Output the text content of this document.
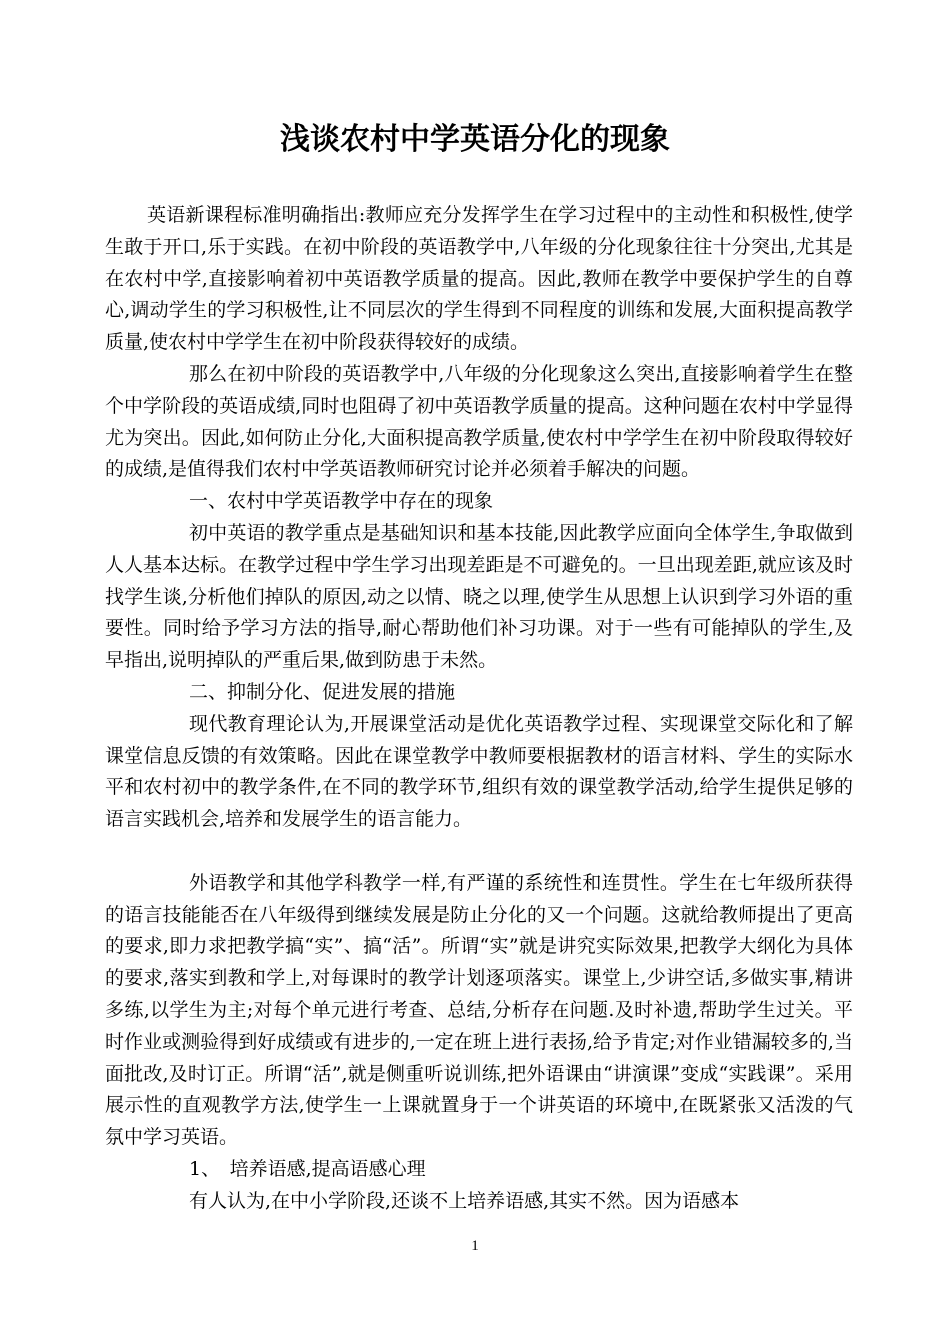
浅谈农村中学英语分化的现象

英语新课程标准明确指出:教师应充分发挥学生在学习过程中的主动性和积极性,使学生敢于开口,乐于实践。在初中阶段的英语教学中,八年级的分化现象往往十分突出,尤其是在农村中学,直接影响着初中英语教学质量的提高。因此,教师在教学中要保护学生的自尊心,调动学生的学习积极性,让不同层次的学生得到不同程度的训练和发展,大面积提高教学质量,使农村中学学生在初中阶段获得较好的成绩。

那么在初中阶段的英语教学中,八年级的分化现象这么突出,直接影响着学生在整个中学阶段的英语成绩,同时也阻碍了初中英语教学质量的提高。这种问题在农村中学显得尤为突出。因此,如何防止分化,大面积提高教学质量,使农村中学学生在初中阶段取得较好的成绩,是值得我们农村中学英语教师研究讨论并必须着手解决的问题。

一、农村中学英语教学中存在的现象

初中英语的教学重点是基础知识和基本技能,因此教学应面向全体学生,争取做到人人基本达标。在教学过程中学生学习出现差距是不可避免的。一旦出现差距,就应该及时找学生谈,分析他们掉队的原因,动之以情、晓之以理,使学生从思想上认识到学习外语的重要性。同时给予学习方法的指导,耐心帮助他们补习功课。对于一些有可能掉队的学生,及早指出,说明掉队的严重后果,做到防患于未然。

二、抑制分化、促进发展的措施

现代教育理论认为,开展课堂活动是优化英语教学过程、实现课堂交际化和了解课堂信息反馈的有效策略。因此在课堂教学中教师要根据教材的语言材料、学生的实际水平和农村初中的教学条件,在不同的教学环节,组织有效的课堂教学活动,给学生提供足够的语言实践机会,培养和发展学生的语言能力。

外语教学和其他学科教学一样,有严谨的系统性和连贯性。学生在七年级所获得的语言技能能否在八年级得到继续发展是防止分化的又一个问题。这就给教师提出了更高的要求,即力求把教学搞“实”、搞“活”。所谓“实”就是讲究实际效果,把教学大纲化为具体的要求,落实到教和学上,对每课时的教学计划逐项落实。课堂上,少讲空话,多做实事,精讲多练,以学生为主;对每个单元进行考查、总结,分析存在问题.及时补遗,帮助学生过关。平时作业或测验得到好成绩或有进步的,一定在班上进行表扬,给予肯定;对作业错漏较多的,当面批改,及时订正。所谓“活”,就是侧重听说训练,把外语课由“讲演课”变成“实践课”。采用展示性的直观教学方法,使学生一上课就置身于一个讲英语的环境中,在既紧张又活泼的气氛中学习英语。

1、　培养语感,提高语感心理

有人认为,在中小学阶段,还谈不上培养语感,其实不然。因为语感本

1
